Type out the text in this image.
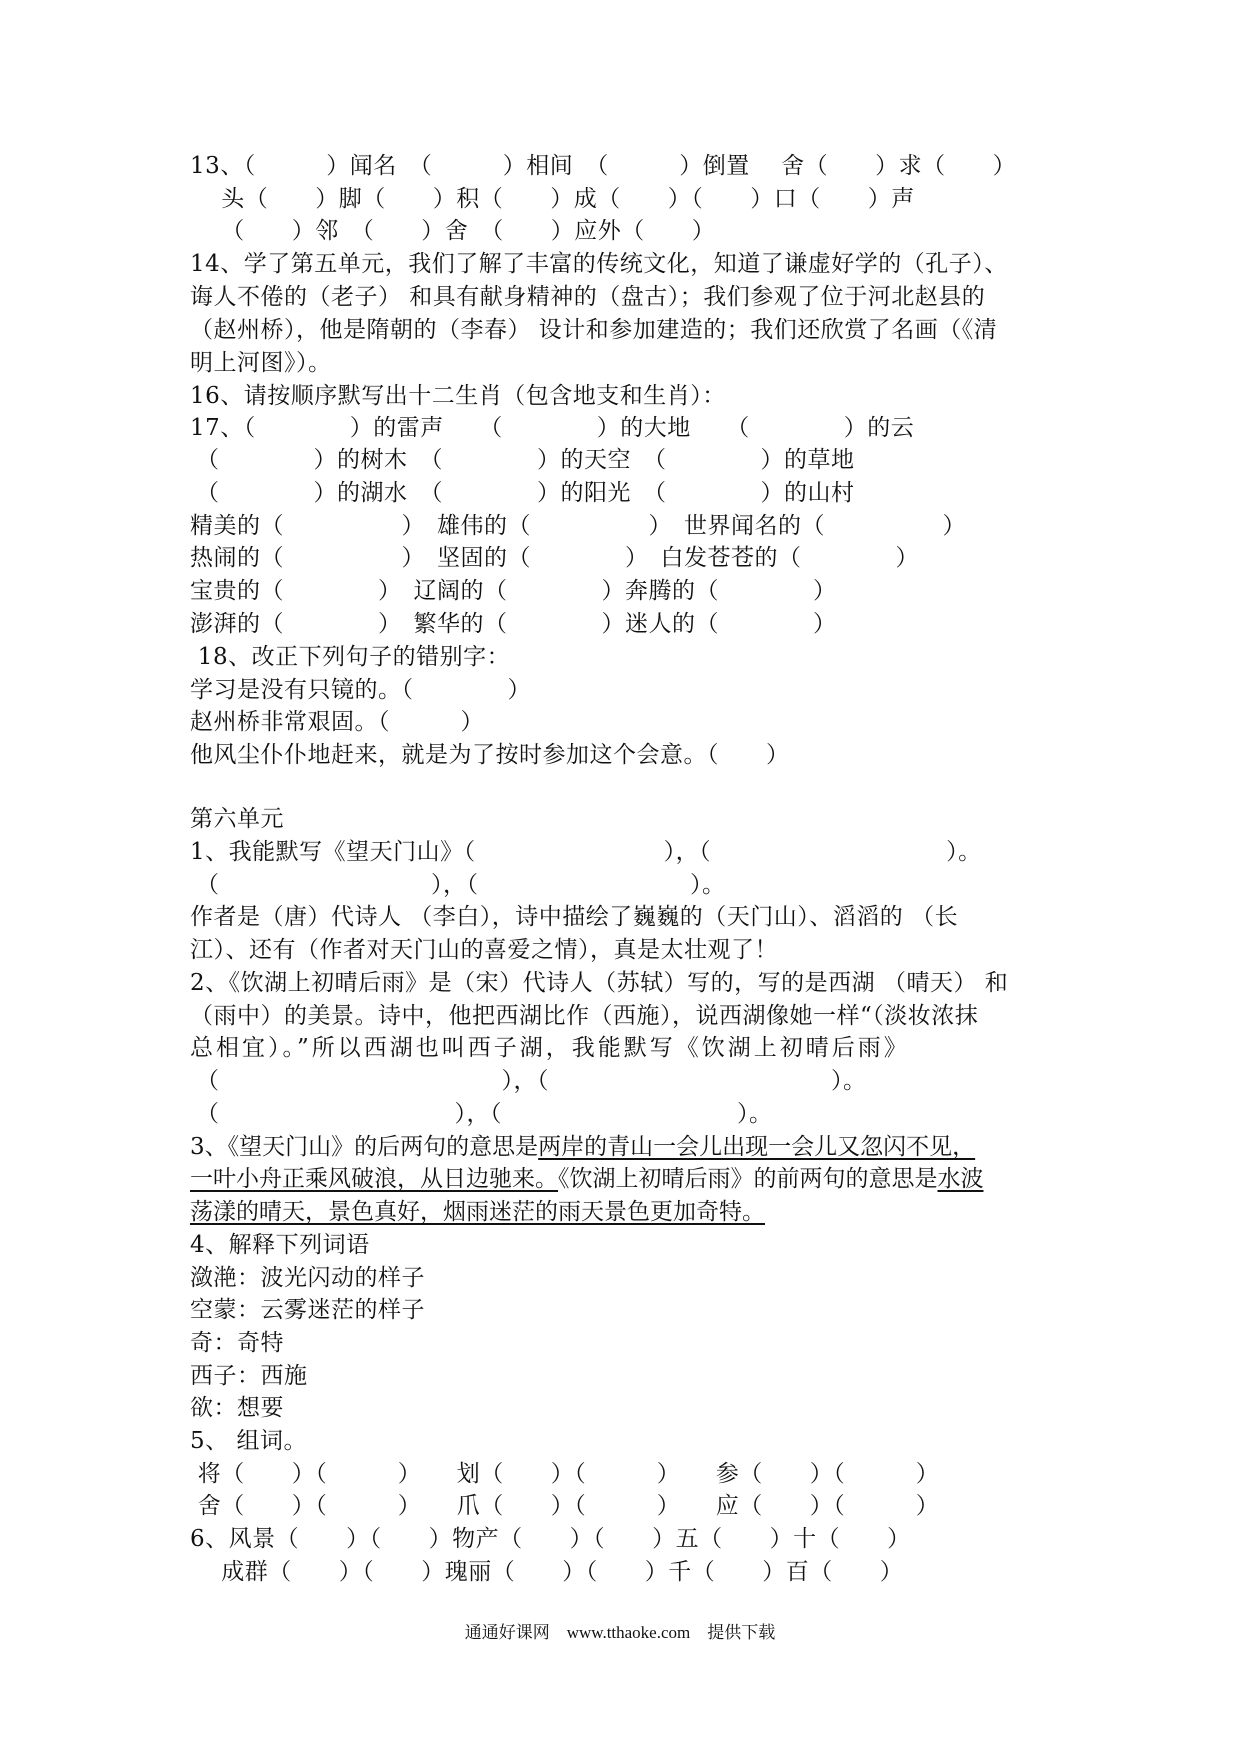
13、（　　　）闻名　（　　　）相间　（　　　）倒置　 舍（　　）求（　　）
　 头（　　）脚（　　）积（　　）成（　　）（　　）口（　　）声
　 （　　）邻　（　　）舍　（　　）应外（　　）
14、学了第五单元，我们了解了丰富的传统文化，知道了谦虚好学的（孔子）、
诲人不倦的（老子） 和具有献身精神的（盘古）；我们参观了位于河北赵县的
（赵州桥），他是隋朝的（李春） 设计和参加建造的；我们还欣赏了名画（《清
明上河图》）。
16、请按顺序默写出十二生肖（包含地支和生肖）：
17、（　　　　）的雷声　　（　　　　）的大地　　（　　　　）的云
（　　　　）的树木　（　　　　）的天空　（　　　　）的草地
（　　　　）的湖水　（　　　　）的阳光　（　　　　）的山村
精美的（　　　　　）　雄伟的（　　　　　）　世界闻名的（　　　　　）
热闹的（　　　　　）　坚固的（　　　　）　白发苍苍的（　　　　）
宝贵的（　　　　）　辽阔的（　　　　）奔腾的（　　　　）
澎湃的（　　　　）　繁华的（　　　　）迷人的（　　　　）
18、改正下列句子的错别字：
学习是没有只镜的。（　　　　）
赵州桥非常艰固。（　　　）
他风尘仆仆地赶来，就是为了按时参加这个会意。（　　）
第六单元
1、我能默写《望天门山》（　　　　　　　　），（　　　　　　　　　　）。
（　　　　　　　　　），（　　　　　　　　　）。
作者是（唐）代诗人 （李白），诗中描绘了巍巍的（天门山）、滔滔的 （长
江）、还有（作者对天门山的喜爱之情），真是太壮观了！
2、《饮湖上初晴后雨》是（宋）代诗人（苏轼）写的，写的是西湖 （晴天） 和
（雨中）的美景。诗中，他把西湖比作（西施），说西湖像她一样“（淡妆浓抹
总相宜）。”所以西湖也叫西子湖，我能默写《饮湖上初晴后雨》
（　　　　　　　　　　　　），（　　　　　　　　　　　　）。
（　　　　　　　　　　），（　　　　　　　　　　）。
3、《望天门山》的后两句的意思是两岸的青山一会儿出现一会儿又忽闪不见，
一叶小舟正乘风破浪，从日边驰来。《饮湖上初晴后雨》的前两句的意思是水波
荡漾的晴天，景色真好，烟雨迷茫的雨天景色更加奇特。
4、解释下列词语
潋滟：波光闪动的样子
空蒙：云雾迷茫的样子
奇：奇特
西子：西施
欲：想要
5、 组词。
将（　　）（　　　）　　划（　　）（　　　）　　参（　　）（　　　）
舍（　　）（　　　）　　爪（　　）（　　　）　　应（　　）（　　　）
6、风景（　　）（　　）物产（　　）（　　）五（　　）十（　　）
　 成群（　　）（　　）瑰丽（　　）（　　）千（　　）百（　　）
通通好课网　www.tthaoke.com　提供下载
